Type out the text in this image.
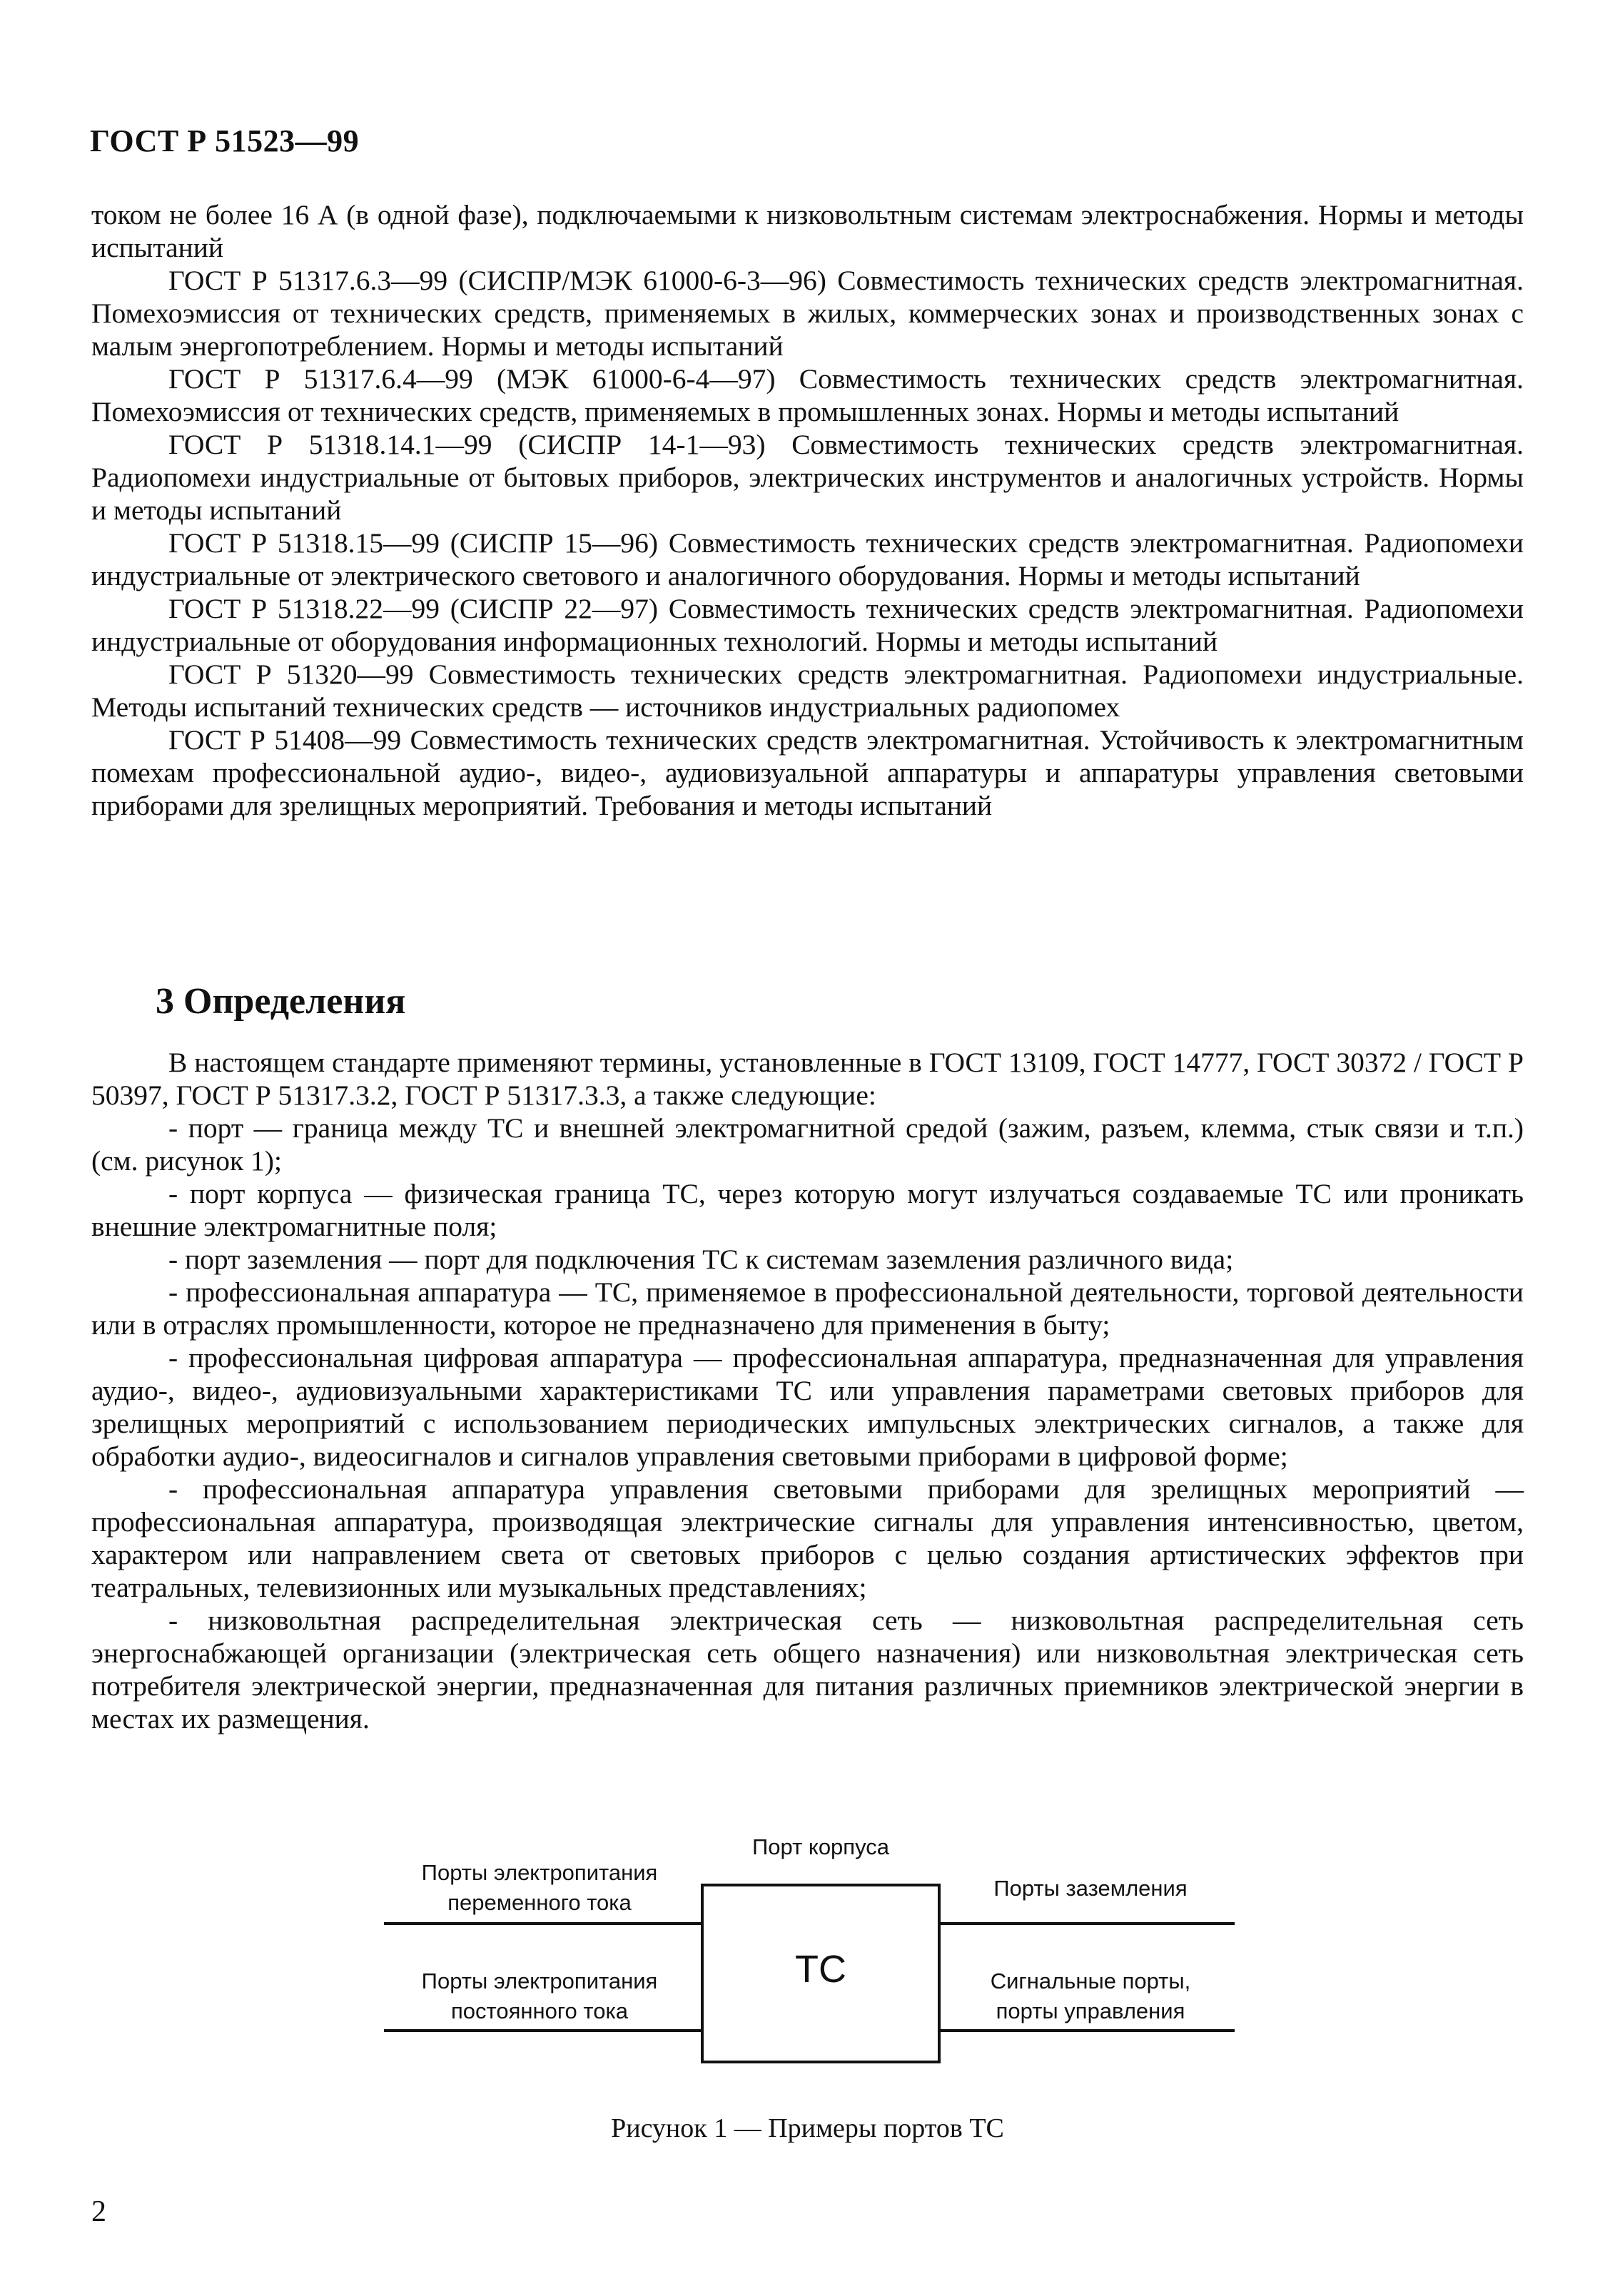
ГОСТ Р 51523—99

током не более 16 А (в одной фазе), подключаемыми к низковольтным системам электроснабжения. Нормы и методы испытаний

ГОСТ Р 51317.6.3—99 (СИСПР/МЭК 61000-6-3—96) Совместимость технических средств электромагнитная. Помехоэмиссия от технических средств, применяемых в жилых, коммерческих зонах и производственных зонах с малым энергопотреблением. Нормы и методы испытаний

ГОСТ Р 51317.6.4—99 (МЭК 61000-6-4—97) Совместимость технических средств электромагнитная. Помехоэмиссия от технических средств, применяемых в промышленных зонах. Нормы и методы испытаний

ГОСТ Р 51318.14.1—99 (СИСПР 14-1—93) Совместимость технических средств электромагнитная. Радиопомехи индустриальные от бытовых приборов, электрических инструментов и аналогичных устройств. Нормы и методы испытаний

ГОСТ Р 51318.15—99 (СИСПР 15—96) Совместимость технических средств электромагнитная. Радиопомехи индустриальные от электрического светового и аналогичного оборудования. Нормы и методы испытаний

ГОСТ Р 51318.22—99 (СИСПР 22—97) Совместимость технических средств электромагнитная. Радиопомехи индустриальные от оборудования информационных технологий. Нормы и методы испытаний

ГОСТ Р 51320—99 Совместимость технических средств электромагнитная. Радиопомехи индустриальные. Методы испытаний технических средств — источников индустриальных радиопомех

ГОСТ Р 51408—99 Совместимость технических средств электромагнитная. Устойчивость к электромагнитным помехам профессиональной аудио-, видео-, аудиовизуальной аппаратуры и аппаратуры управления световыми приборами для зрелищных мероприятий. Требования и методы испытаний

3 Определения

В настоящем стандарте применяют термины, установленные в ГОСТ 13109, ГОСТ 14777, ГОСТ 30372 / ГОСТ Р 50397, ГОСТ Р 51317.3.2, ГОСТ Р 51317.3.3, а также следующие:

- порт — граница между ТС и внешней электромагнитной средой (зажим, разъем, клемма, стык связи и т.п.) (см. рисунок 1);

- порт корпуса — физическая граница ТС, через которую могут излучаться создаваемые ТС или проникать внешние электромагнитные поля;

- порт заземления — порт для подключения ТС к системам заземления различного вида;

- профессиональная аппаратура — ТС, применяемое в профессиональной деятельности, торговой деятельности или в отраслях промышленности, которое не предназначено для применения в быту;

- профессиональная цифровая аппаратура — профессиональная аппаратура, предназначенная для управления аудио-, видео-, аудиовизуальными характеристиками ТС или управления параметрами световых приборов для зрелищных мероприятий с использованием периодических импульсных электрических сигналов, а также для обработки аудио-, видеосигналов и сигналов управления световыми приборами в цифровой форме;

- профессиональная аппаратура управления световыми приборами для зрелищных мероприятий — профессиональная аппаратура, производящая электрические сигналы для управления интенсивностью, цветом, характером или направлением света от световых приборов с целью создания артистических эффектов при театральных, телевизионных или музыкальных представлениях;

- низковольтная распределительная электрическая сеть — низковольтная распределительная сеть энергоснабжающей организации (электрическая сеть общего назначения) или низковольтная электрическая сеть потребителя электрической энергии, предназначенная для питания различных приемников электрической энергии в местах их размещения.

Порт корпуса
Порты электропитания
переменного тока
Порты заземления
Порты электропитания
постоянного тока
Сигнальные порты,
порты управления
ТС
Рисунок 1 — Примеры портов ТС
2
